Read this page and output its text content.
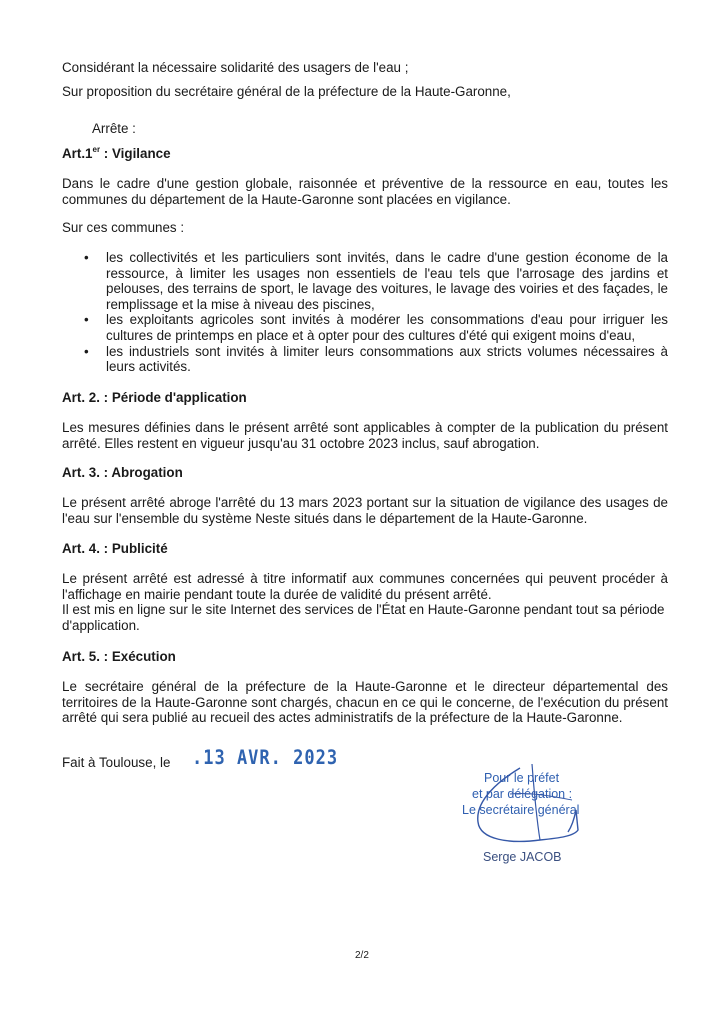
Considérant la nécessaire solidarité des usagers de l'eau ;
Sur proposition du secrétaire général de la préfecture de la Haute-Garonne,
Arrête :
Art.1er : Vigilance
Dans le cadre d'une gestion globale, raisonnée et préventive de la ressource en eau, toutes les communes du département de la Haute-Garonne sont placées en vigilance.
Sur ces communes :
• les collectivités et les particuliers sont invités, dans le cadre d'une gestion économe de la ressource, à limiter les usages non essentiels de l'eau tels que l'arrosage des jardins et pelouses, des terrains de sport, le lavage des voitures, le lavage des voiries et des façades, le remplissage et la mise à niveau des piscines,
• les exploitants agricoles sont invités à modérer les consommations d'eau pour irriguer les cultures de printemps en place et à opter pour des cultures d'été qui exigent moins d'eau,
• les industriels sont invités à limiter leurs consommations aux stricts volumes nécessaires à leurs activités.
Art. 2. : Période d'application
Les mesures définies dans le présent arrêté sont applicables à compter de la publication du présent arrêté. Elles restent en vigueur jusqu'au 31 octobre 2023 inclus, sauf abrogation.
Art. 3. : Abrogation
Le présent arrêté abroge l'arrêté du 13 mars 2023 portant sur la situation de vigilance des usages de l'eau sur l'ensemble du système Neste situés dans le département de la Haute-Garonne.
Art. 4. : Publicité
Le présent arrêté est adressé à titre informatif aux communes concernées qui peuvent procéder à l'affichage en mairie pendant toute la durée de validité du présent arrêté.
Il est mis en ligne sur le site Internet des services de l'État en Haute-Garonne pendant tout sa période d'application.
Art. 5. : Exécution
Le secrétaire général de la préfecture de la Haute-Garonne et le directeur départemental des territoires de la Haute-Garonne sont chargés, chacun en ce qui le concerne, de l'exécution du présent arrêté qui sera publié au recueil des actes administratifs de la préfecture de la Haute-Garonne.
Fait à Toulouse, le .13 AVR. 2023
Pour le préfet
et par délégation :
Le secrétaire général
Serge JACOB
2/2
